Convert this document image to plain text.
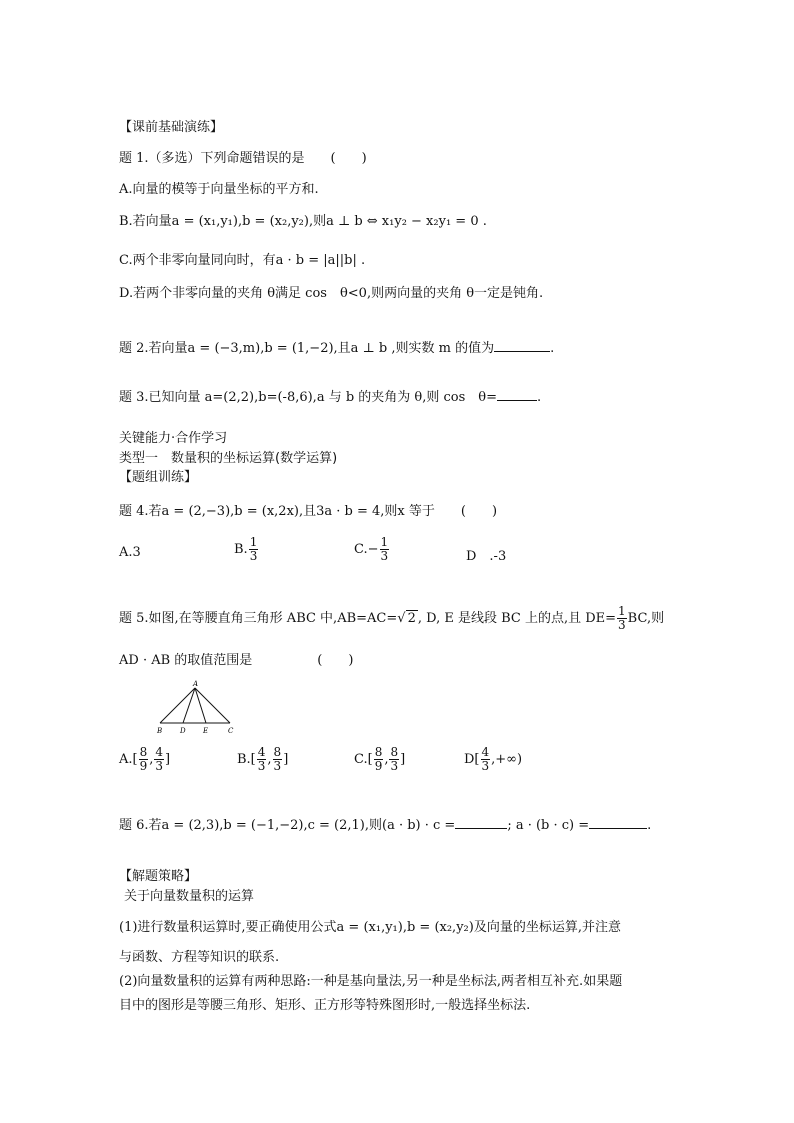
【课前基础演练】
题 1.（多选）下列命题错误的是　　(　　)
A.向量的模等于向量坐标的平方和.
B.若向量a = (x₁,y₁),b = (x₂,y₂),则a ⊥ b ⇔ x₁y₂ − x₂y₁ = 0 .
C.两个非零向量同向时，有a · b = |a||b| .
D.若两个非零向量的夹角 θ满足 cos　θ<0,则两向量的夹角 θ一定是钝角.
题 2.若向量a = (−3,m),b = (1,−2),且a ⊥ b ,则实数 m 的值为	.
题 3.已知向量 a=(2,2),b=(-8,6),a 与 b 的夹角为 θ,则 cos　θ=	.
关键能力·合作学习
类型一　数量积的坐标运算(数学运算)
【题组训练】
题 4.若a = (2,−3),b = (x,2x),且3a · b = 4,则x 等于　　(　　)
A.3	B. $\frac{1}{3}$	$C.- \frac{1}{3}$	D　.-3
题 5.如图,在等腰直角三角形 ABC 中,AB=AC=√ 2 , D, E 是线段 BC 上的点,且 $DE= \frac{1}{3}$ BC,则
AD · AB 的取值范围是　　　　　(　　)
A
B	D E	C
$A.[ \frac{8}{9}$ , $\frac{4}{3}$ ]	$B.[ \frac{4}{3}$ , $\frac{8}{3}$ ]	$C.[ \frac{8}{9}$ , $\frac{8}{3}$ ]	$D[ \frac{4}{3}$ ,+∞)
题 6.若a = (2,3),b = (−1,−2),c = (2,1),则(a · b) · c =	; a · (b · c) =	.
【解题策略】
关于向量数量积的运算
(1)进行数量积运算时,要正确使用公式a = (x₁,y₁),b = (x₂,y₂)及向量的坐标运算,并注意
与函数、方程等知识的联系.
(2)向量数量积的运算有两种思路:一种是基向量法,另一种是坐标法,两者相互补充.如果题
目中的图形是等腰三角形、矩形、正方形等特殊图形时,一般选择坐标法.
